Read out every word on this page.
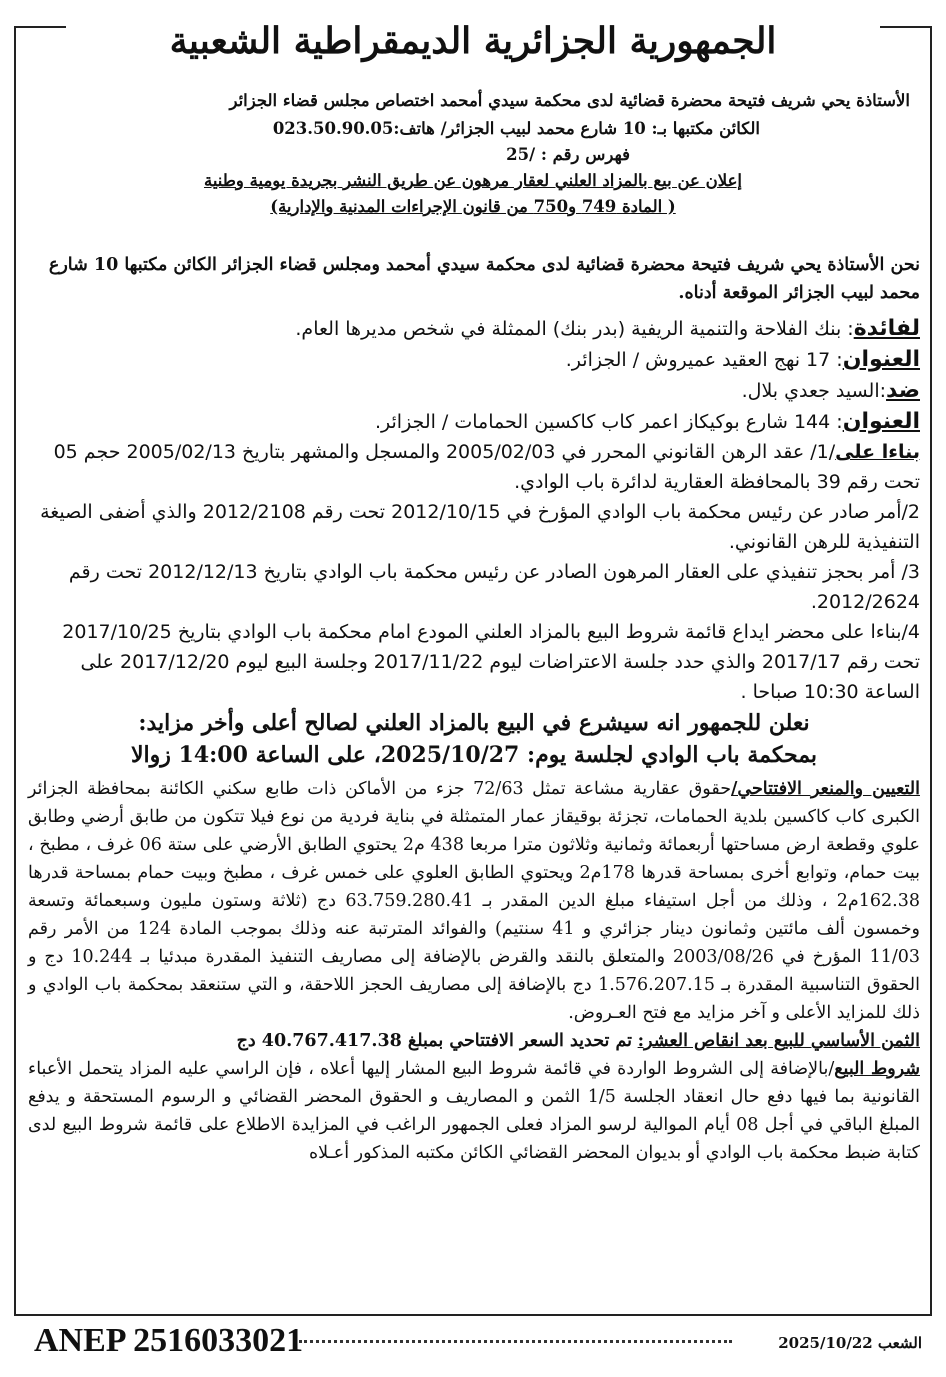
الجمهورية الجزائرية الديمقراطية الشعبية
الأستاذة يحي شريف فتيحة محضرة قضائية لدى محكمة سيدي أمحمد اختصاص مجلس قضاء الجزائر
الكائن مكتبها بـ: 10 شارع محمد لبيب الجزائر/ هاتف:023.50.90.05
فهرس رقم : /25
إعلان عن بيع بالمزاد العلني لعقار مرهون عن طريق النشر بجريدة يومية وطنية
( المادة 749 و750 من قانون الإجراءات المدنية والإدارية)

نحن الأستاذة يحي شريف فتيحة محضرة قضائية لدى محكمة سيدي أمحمد ومجلس قضاء الجزائر الكائن مكتبها 10 شارع محمد لبيب الجزائر الموقعة أدناه.

لفائدة: بنك الفلاحة والتنمية الريفية (بدر بنك) الممثلة في شخص مديرها العام.

العنوان: 17 نهج العقيد عميروش / الجزائر.

ضد:السيد جعدي بلال.

العنوان: 144 شارع بوكيكاز اعمر كاب كاكسين الحمامات / الجزائر.

بناءا على/1/ عقد الرهن القانوني المحرر في 2005/02/03 والمسجل والمشهر بتاريخ 2005/02/13 حجم 05 تحت رقم 39 بالمحافظة العقارية لدائرة باب الوادي.

2/أمر صادر عن رئيس محكمة باب الوادي المؤرخ في 2012/10/15 تحت رقم 2012/2108 والذي أضفى الصيغة التنفيذية للرهن القانوني.

3/ أمر بحجز تنفيذي على العقار المرهون الصادر عن رئيس محكمة باب الوادي بتاريخ 2012/12/13 تحت رقم 2012/2624.

4/بناءا على محضر ايداع قائمة شروط البيع بالمزاد العلني المودع امام محكمة باب الوادي بتاريخ 2017/10/25 تحت رقم 2017/17 والذي حدد جلسة الاعتراضات ليوم 2017/11/22 وجلسة البيع ليوم 2017/12/20 على الساعة 10:30 صباحا .

نعلن للجمهور انه سيشرع في البيع بالمزاد العلني لصالح أعلى وأخر مزايد:

بمحكمة باب الوادي لجلسة يوم: 2025/10/27، على الساعة 14:00 زوالا

التعيين والمنعر الافتتاحي/حقوق عقارية مشاعة تمثل 72/63 جزء من الأماكن ذات طابع سكني الكائنة بمحافظة الجزائر الكبرى كاب كاكسين بلدية الحمامات، تجزئة بوقيقاز عمار المتمثلة في بناية فردية من نوع فيلا تتكون من طابق أرضي وطابق علوي وقطعة ارض مساحتها أربعمائة وثمانية وثلاثون مترا مربعا 438 م2 يحتوي الطابق الأرضي على ستة 06 غرف ، مطبخ ، بيت حمام، وتوابع أخرى بمساحة قدرها 178م2 ويحتوي الطابق العلوي على خمس غرف ، مطبخ وبيت حمام بمساحة قدرها 162.38م2 ، وذلك من أجل استيفاء مبلغ الدين المقدر بـ 63.759.280.41 دج (ثلاثة وستون مليون وسبعمائة وتسعة وخمسون ألف مائتين وثمانون دينار جزائري و 41 سنتيم) والفوائد المترتبة عنه وذلك بموجب المادة 124 من الأمر رقم 11/03 المؤرخ في 2003/08/26 والمتعلق بالنقد والقرض بالإضافة إلى مصاريف التنفيذ المقدرة مبدئيا بـ 10.244 دج و الحقوق التناسبية المقدرة بـ 1.576.207.15 دج بالإضافة إلى مصاريف الحجز اللاحقة، و التي ستنعقد بمحكمة باب الوادي و ذلك للمزايد الأعلى و آخر مزايد مع فتح العـروض.

الثمن الأساسي للبيع بعد انقاص العشر: تم تحديد السعر الافتتاحي بمبلغ 40.767.417.38 دج

شروط البيع/بالإضافة إلى الشروط الواردة في قائمة شروط البيع المشار إليها أعلاه ، فإن الراسي عليه المزاد يتحمل الأعباء القانونية بما فيها دفع حال انعقاد الجلسة 1/5 الثمن و المصاريف و الحقوق المحضر القضائي و الرسوم المستحقة و يدفع المبلغ الباقي في أجل 08 أيام الموالية لرسو المزاد فعلى الجمهور الراغب في المزايدة الاطلاع على قائمة شروط البيع لدى كتابة ضبط محكمة باب الوادي أو بديوان المحضر القضائي الكائن مكتبه المذكور أعـلاه

ANEP 2516033021	الشعب 2025/10/22
